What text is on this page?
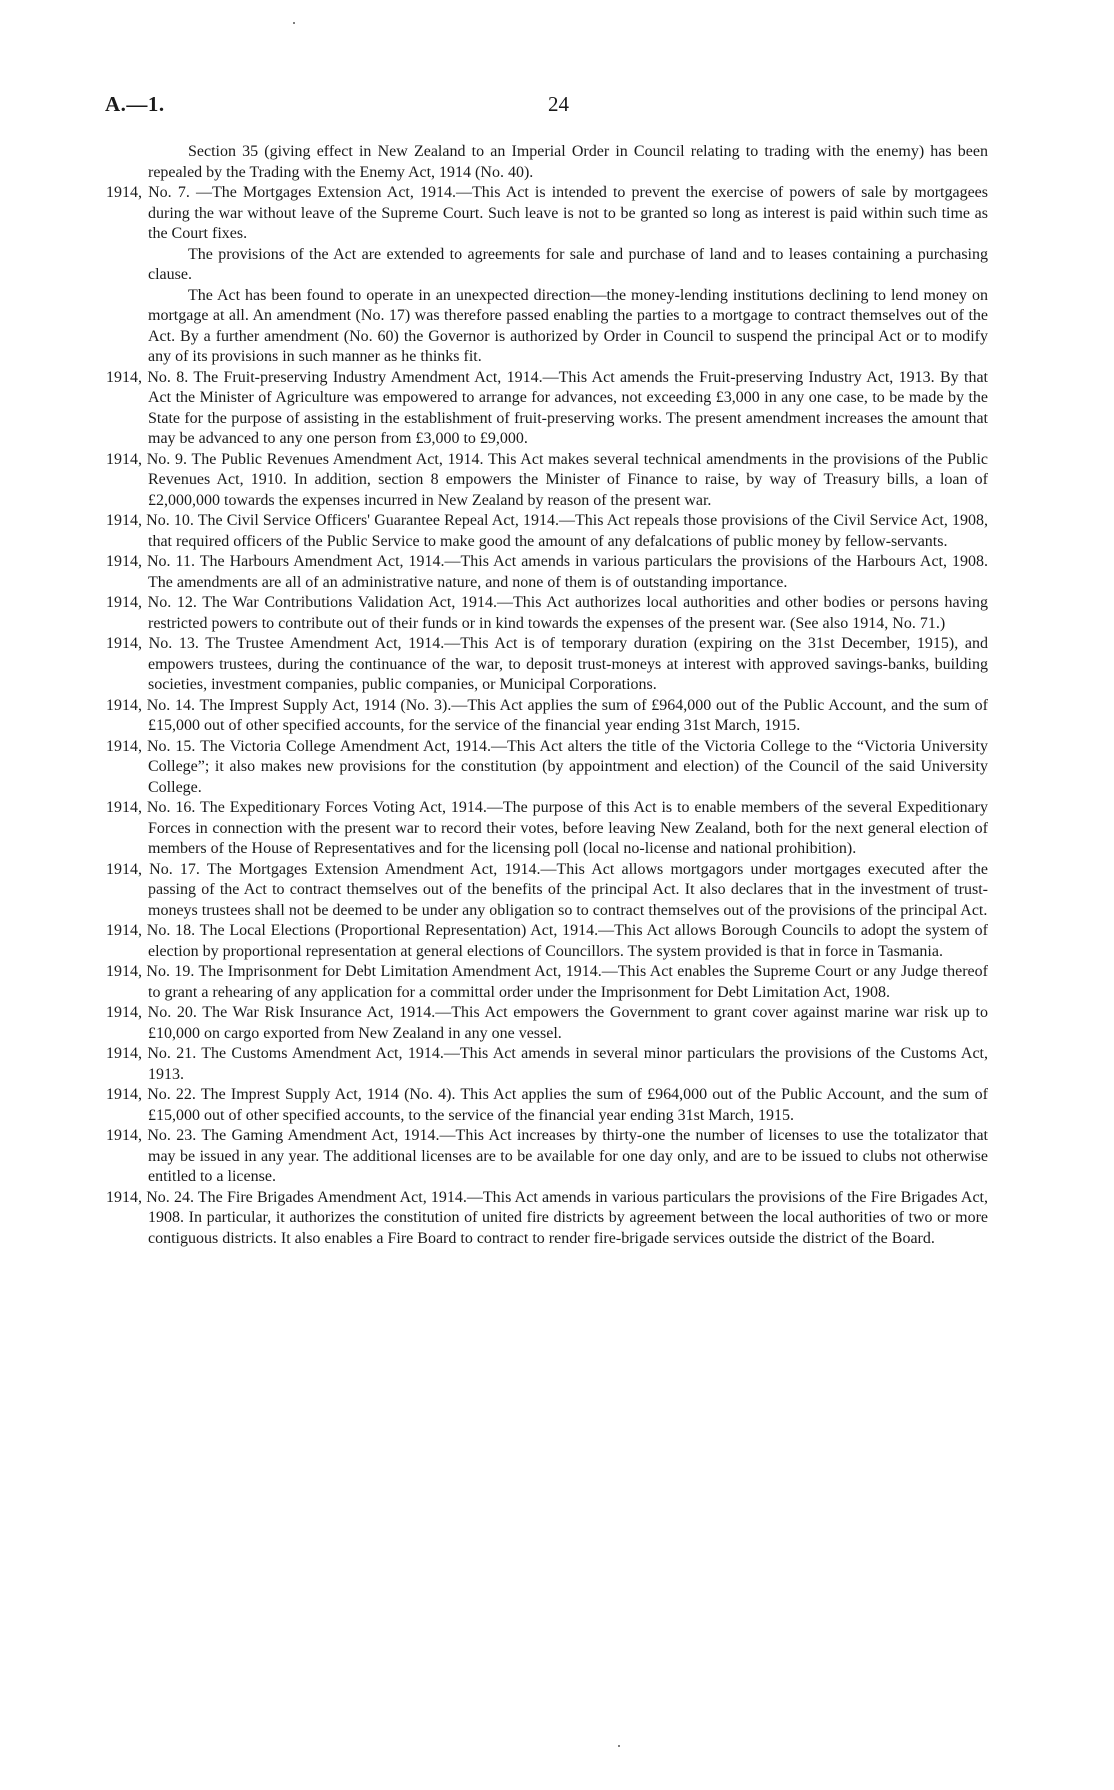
A.—1.	24

Section 35 (giving effect in New Zealand to an Imperial Order in Council relating to trading with the enemy) has been repealed by the Trading with the Enemy Act, 1914 (No. 40).

1914, No. 7. —The Mortgages Extension Act, 1914.—This Act is intended to prevent the exercise of powers of sale by mortgagees during the war without leave of the Supreme Court. Such leave is not to be granted so long as interest is paid within such time as the Court fixes.

The provisions of the Act are extended to agreements for sale and purchase of land and to leases containing a purchasing clause.

The Act has been found to operate in an unexpected direction—the money-lending institutions declining to lend money on mortgage at all. An amendment (No. 17) was therefore passed enabling the parties to a mortgage to contract themselves out of the Act. By a further amendment (No. 60) the Governor is authorized by Order in Council to suspend the principal Act or to modify any of its provisions in such manner as he thinks fit.

1914, No. 8. The Fruit-preserving Industry Amendment Act, 1914.—This Act amends the Fruit-preserving Industry Act, 1913. By that Act the Minister of Agriculture was empowered to arrange for advances, not exceeding £3,000 in any one case, to be made by the State for the purpose of assisting in the establishment of fruit-preserving works. The present amendment increases the amount that may be advanced to any one person from £3,000 to £9,000.

1914, No. 9. The Public Revenues Amendment Act, 1914. This Act makes several technical amendments in the provisions of the Public Revenues Act, 1910. In addition, section 8 empowers the Minister of Finance to raise, by way of Treasury bills, a loan of £2,000,000 towards the expenses incurred in New Zealand by reason of the present war.

1914, No. 10. The Civil Service Officers' Guarantee Repeal Act, 1914.—This Act repeals those provisions of the Civil Service Act, 1908, that required officers of the Public Service to make good the amount of any defalcations of public money by fellow-servants.

1914, No. 11. The Harbours Amendment Act, 1914.—This Act amends in various particulars the provisions of the Harbours Act, 1908. The amendments are all of an administrative nature, and none of them is of outstanding importance.

1914, No. 12. The War Contributions Validation Act, 1914.—This Act authorizes local authorities and other bodies or persons having restricted powers to contribute out of their funds or in kind towards the expenses of the present war. (See also 1914, No. 71.)

1914, No. 13. The Trustee Amendment Act, 1914.—This Act is of temporary duration (expiring on the 31st December, 1915), and empowers trustees, during the continuance of the war, to deposit trust-moneys at interest with approved savings-banks, building societies, investment companies, public companies, or Municipal Corporations.

1914, No. 14. The Imprest Supply Act, 1914 (No. 3).—This Act applies the sum of £964,000 out of the Public Account, and the sum of £15,000 out of other specified accounts, for the service of the financial year ending 31st March, 1915.

1914, No. 15. The Victoria College Amendment Act, 1914.—This Act alters the title of the Victoria College to the “Victoria University College”; it also makes new provisions for the constitution (by appointment and election) of the Council of the said University College.

1914, No. 16. The Expeditionary Forces Voting Act, 1914.—The purpose of this Act is to enable members of the several Expeditionary Forces in connection with the present war to record their votes, before leaving New Zealand, both for the next general election of members of the House of Representatives and for the licensing poll (local no-license and national prohibition).

1914, No. 17. The Mortgages Extension Amendment Act, 1914.—This Act allows mortgagors under mortgages executed after the passing of the Act to contract themselves out of the benefits of the principal Act. It also declares that in the investment of trust-moneys trustees shall not be deemed to be under any obligation so to contract themselves out of the provisions of the principal Act.

1914, No. 18. The Local Elections (Proportional Representation) Act, 1914.—This Act allows Borough Councils to adopt the system of election by proportional representation at general elections of Councillors. The system provided is that in force in Tasmania.

1914, No. 19. The Imprisonment for Debt Limitation Amendment Act, 1914.—This Act enables the Supreme Court or any Judge thereof to grant a rehearing of any application for a committal order under the Imprisonment for Debt Limitation Act, 1908.

1914, No. 20. The War Risk Insurance Act, 1914.—This Act empowers the Government to grant cover against marine war risk up to £10,000 on cargo exported from New Zealand in any one vessel.

1914, No. 21. The Customs Amendment Act, 1914.—This Act amends in several minor particulars the provisions of the Customs Act, 1913.

1914, No. 22. The Imprest Supply Act, 1914 (No. 4). This Act applies the sum of £964,000 out of the Public Account, and the sum of £15,000 out of other specified accounts, to the service of the financial year ending 31st March, 1915.

1914, No. 23. The Gaming Amendment Act, 1914.—This Act increases by thirty-one the number of licenses to use the totalizator that may be issued in any year. The additional licenses are to be available for one day only, and are to be issued to clubs not otherwise entitled to a license.

1914, No. 24. The Fire Brigades Amendment Act, 1914.—This Act amends in various particulars the provisions of the Fire Brigades Act, 1908. In particular, it authorizes the constitution of united fire districts by agreement between the local authorities of two or more contiguous districts. It also enables a Fire Board to contract to render fire-brigade services outside the district of the Board.
